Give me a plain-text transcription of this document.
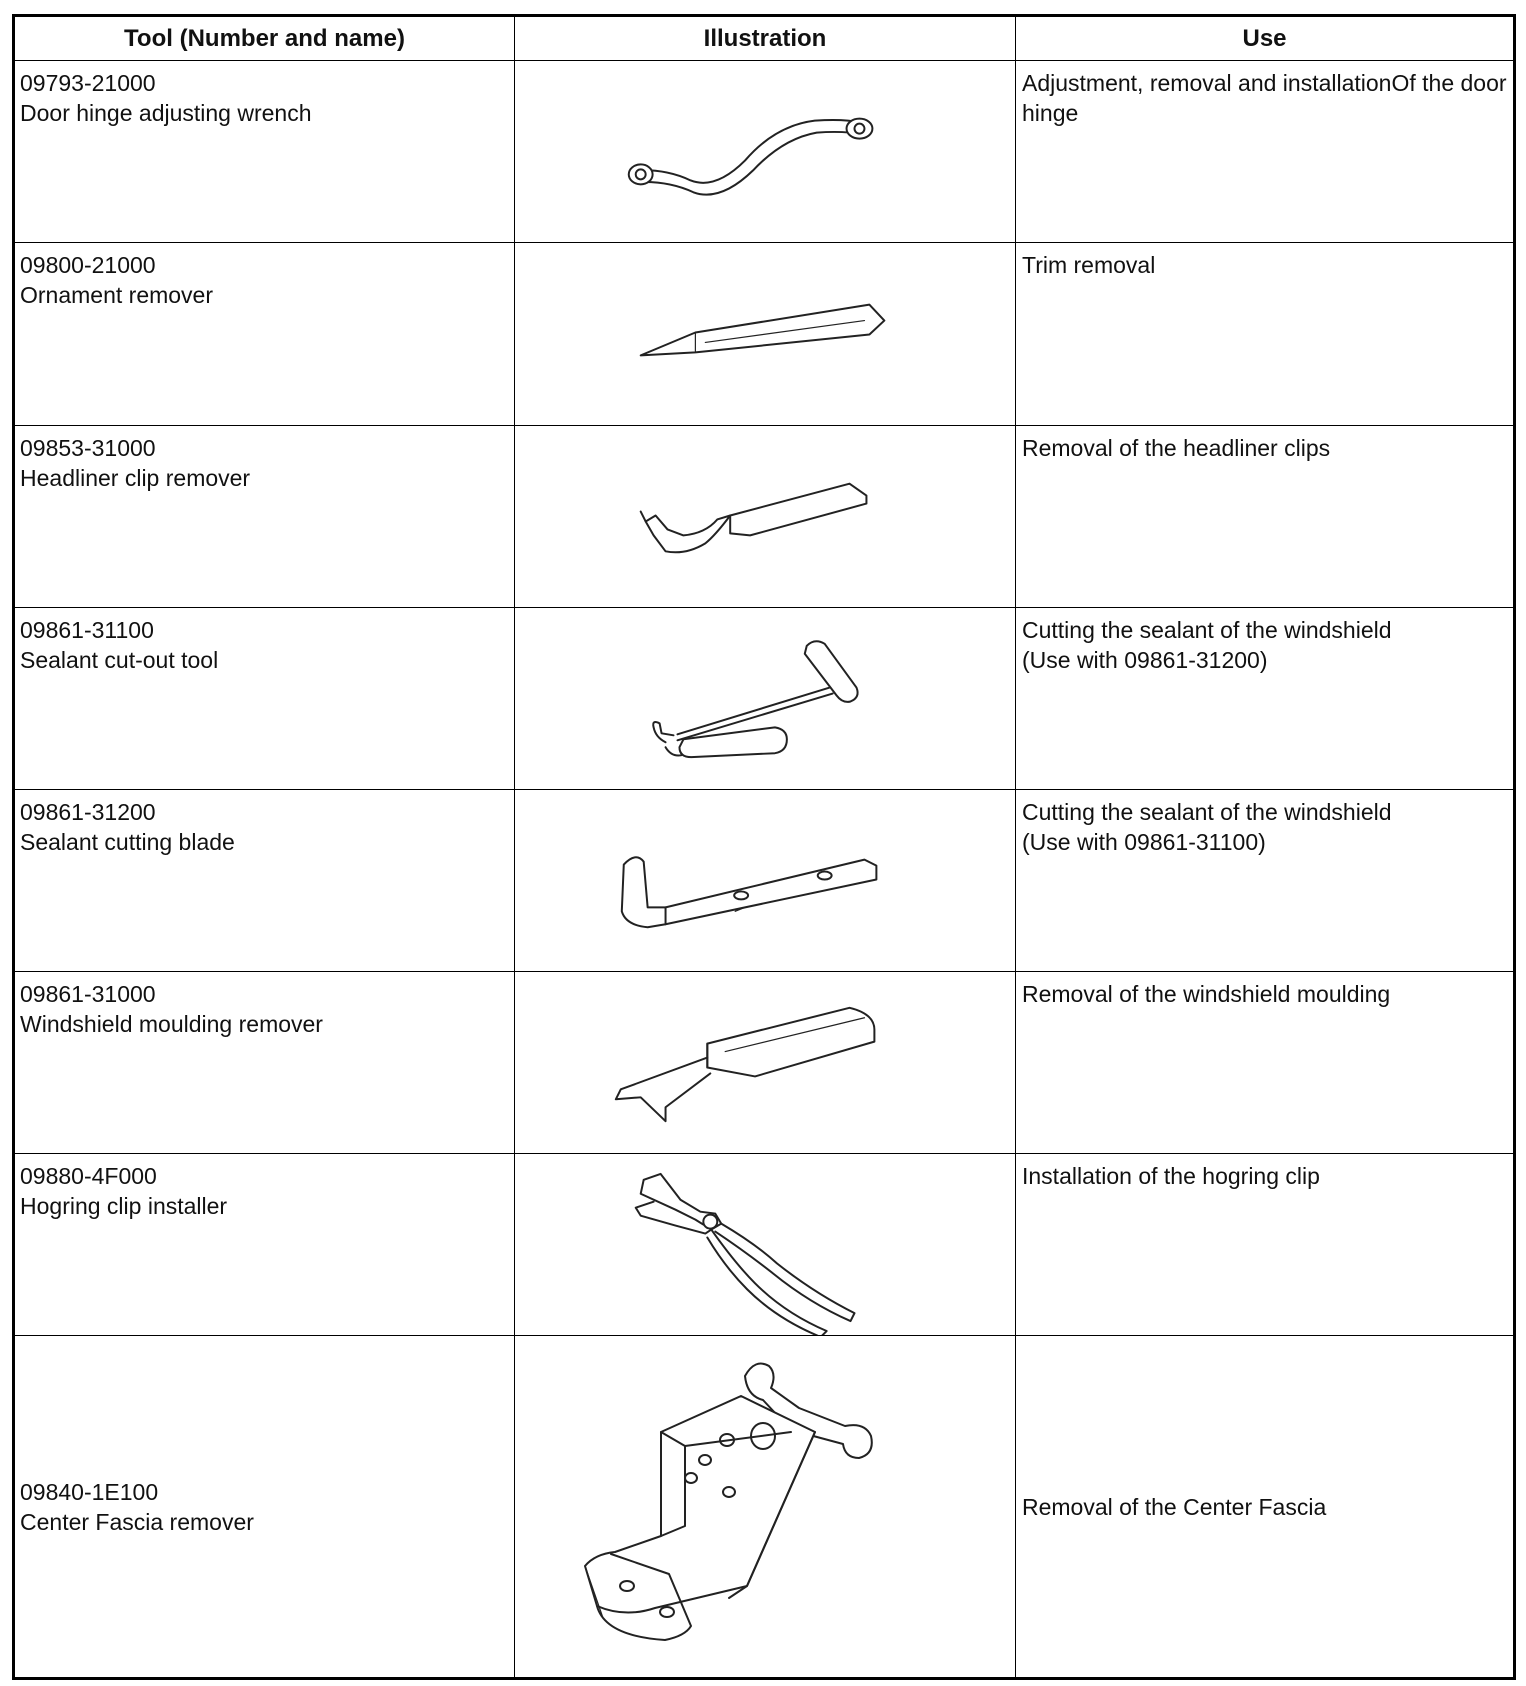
Tool (Number and name)	Illustration	Use
09793-21000
Door hinge adjusting wrench
Adjustment, removal and installationOf the door hinge
09800-21000
Ornament remover
Trim removal
09853-31000
Headliner clip remover
Removal of the headliner clips
09861-31100
Sealant cut-out tool
Cutting the sealant of the windshield
(Use with 09861-31200)
09861-31200
Sealant cutting blade
Cutting the sealant of the windshield
(Use with 09861-31100)
09861-31000
Windshield moulding remover
Removal of the windshield moulding
09880-4F000
Hogring clip installer
Installation of the hogring clip
09840-1E100
Center Fascia remover
Removal of the Center Fascia
